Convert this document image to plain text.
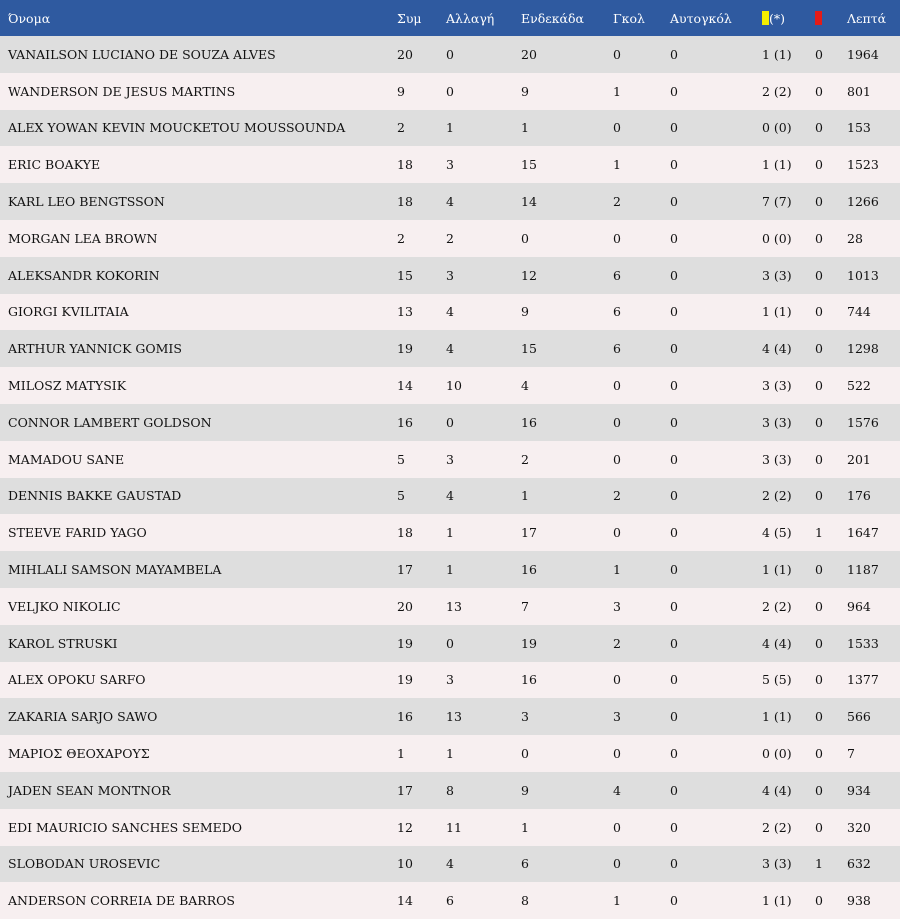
Όνομα	Συμ	Αλλαγή	Ενδεκάδα	Γκολ	Αυτογκόλ	(*)		Λεπτά
VANAILSON LUCIANO DE SOUZA ALVES	20	0	20	0	0	1 (1)	0	1964
WANDERSON DE JESUS MARTINS	9	0	9	1	0	2 (2)	0	801
ALEX YOWAN KEVIN MOUCKETOU MOUSSOUNDA	2	1	1	0	0	0 (0)	0	153
ERIC BOAKYE	18	3	15	1	0	1 (1)	0	1523
KARL LEO BENGTSSON	18	4	14	2	0	7 (7)	0	1266
MORGAN LEA BROWN	2	2	0	0	0	0 (0)	0	28
ALEKSANDR KOKORIN	15	3	12	6	0	3 (3)	0	1013
GIORGI KVILITAIA	13	4	9	6	0	1 (1)	0	744
ARTHUR YANNICK GOMIS	19	4	15	6	0	4 (4)	0	1298
MILOSZ MATYSIK	14	10	4	0	0	3 (3)	0	522
CONNOR LAMBERT GOLDSON	16	0	16	0	0	3 (3)	0	1576
MAMADOU SANE	5	3	2	0	0	3 (3)	0	201
DENNIS BAKKE GAUSTAD	5	4	1	2	0	2 (2)	0	176
STEEVE FARID YAGO	18	1	17	0	0	4 (5)	1	1647
MIHLALI SAMSON MAYAMBELA	17	1	16	1	0	1 (1)	0	1187
VELJKO NIKOLIC	20	13	7	3	0	2 (2)	0	964
KAROL STRUSKI	19	0	19	2	0	4 (4)	0	1533
ALEX OPOKU SARFO	19	3	16	0	0	5 (5)	0	1377
ZAKARIA SARJO SAWO	16	13	3	3	0	1 (1)	0	566
ΜΑΡΙΟΣ ΘΕΟΧΑΡΟΥΣ	1	1	0	0	0	0 (0)	0	7
JADEN SEAN MONTNOR	17	8	9	4	0	4 (4)	0	934
EDI MAURICIO SANCHES SEMEDO	12	11	1	0	0	2 (2)	0	320
SLOBODAN UROSEVIC	10	4	6	0	0	3 (3)	1	632
ANDERSON CORREIA DE BARROS	14	6	8	1	0	1 (1)	0	938
